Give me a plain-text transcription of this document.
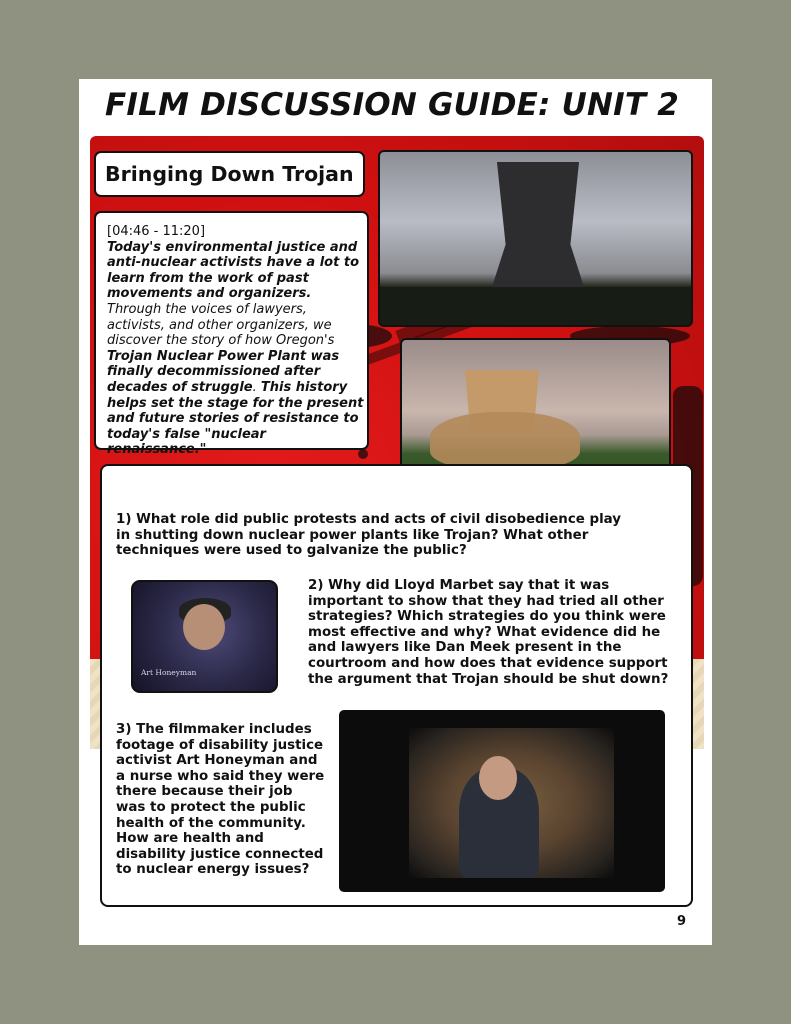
FILM DISCUSSION GUIDE: UNIT 2
Bringing Down Trojan
[04:46 - 11:20]
Today's environmental justice and anti-nuclear activists have a lot to learn from the work of past movements and organizers. Through the voices of lawyers, activists, and other organizers, we discover the story of how Oregon's Trojan Nuclear Power Plant was finally decommissioned after decades of struggle. This history helps set the stage for the present and future stories of resistance to today's false "nuclear renaissance."

1) What role did public protests and acts of civil disobedience play in shutting down nuclear power plants like Trojan? What other techniques were used to galvanize the public?

Art Honeyman

2) Why did Lloyd Marbet say that it was important to show that they had tried all other strategies? Which strategies do you think were most effective and why? What evidence did he and lawyers like Dan Meek present in the courtroom and how does that evidence support the argument that Trojan should be shut down?

3) The filmmaker includes footage of disability justice activist Art Honeyman and a nurse who said they were there because their job was to protect the public health of the community. How are health and disability justice connected to nuclear energy issues?

9
